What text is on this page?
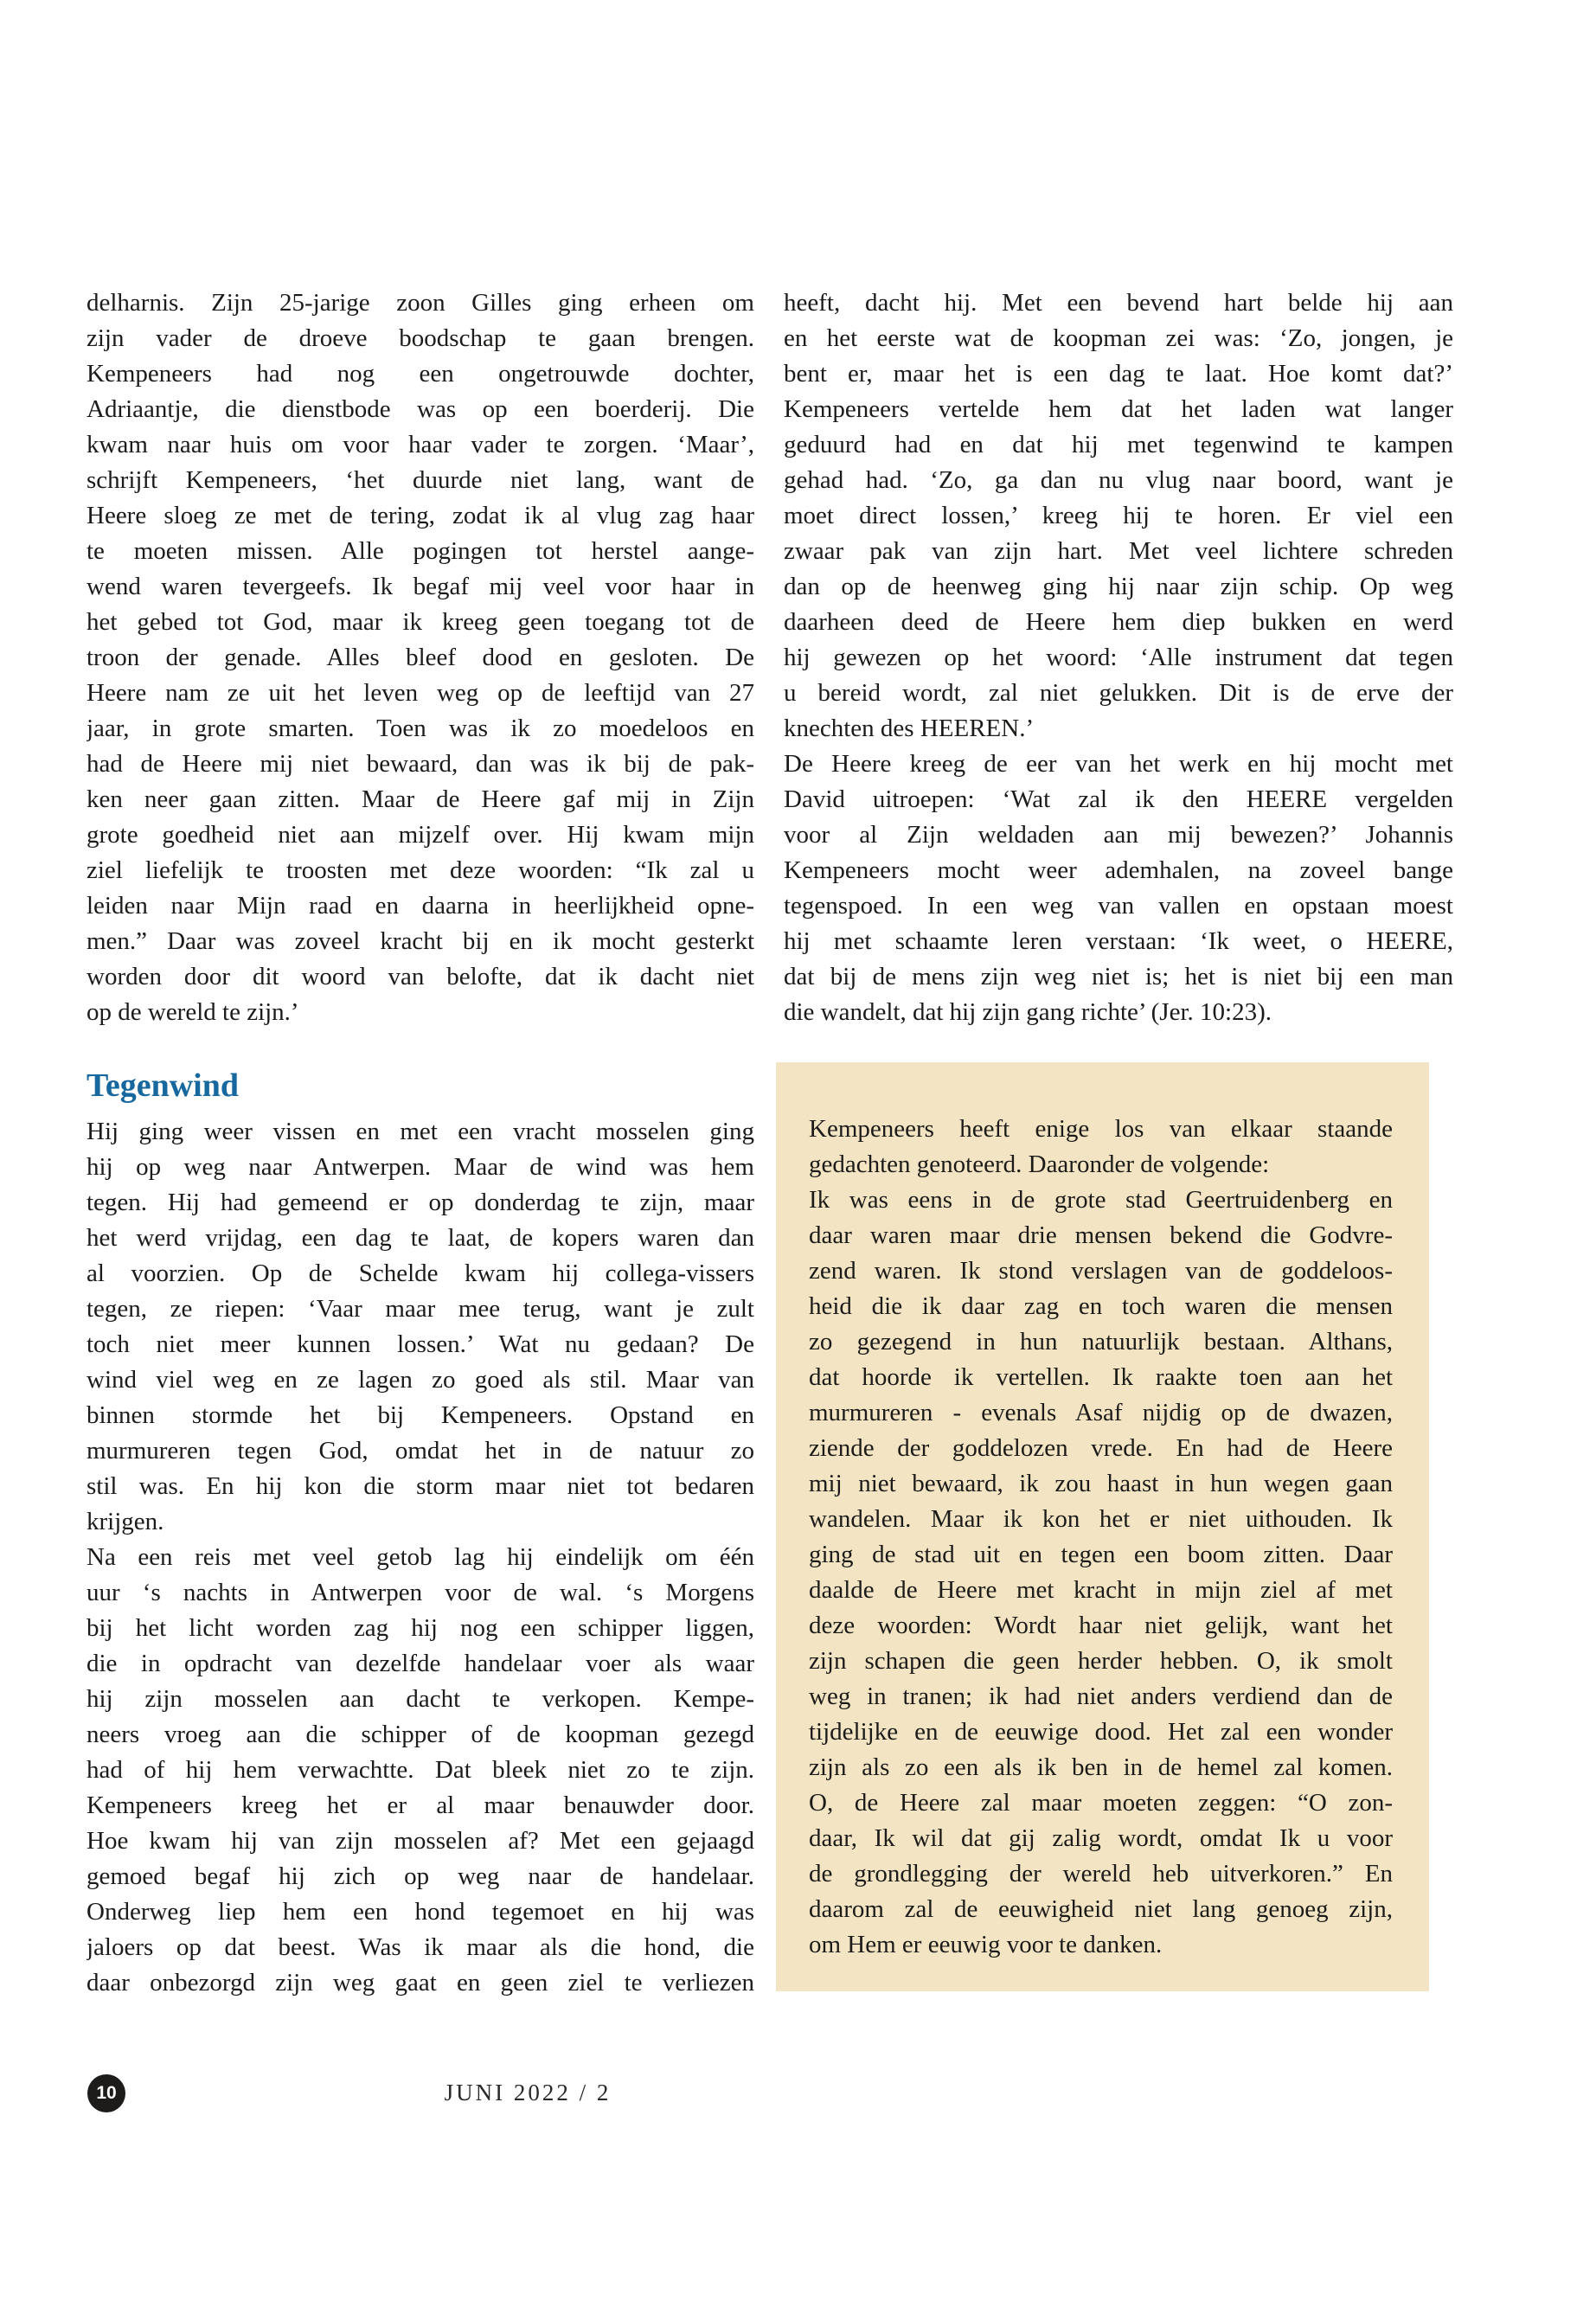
delharnis. Zijn 25-jarige zoon Gilles ging erheen om
zijn vader de droeve boodschap te gaan brengen.
Kempeneers had nog een ongetrouwde dochter,
Adriaantje, die dienstbode was op een boerderij. Die
kwam naar huis om voor haar vader te zorgen. ‘Maar’,
schrijft Kempeneers, ‘het duurde niet lang, want de
Heere sloeg ze met de tering, zodat ik al vlug zag haar
te moeten missen. Alle pogingen tot herstel aange-
wend waren tevergeefs. Ik begaf mij veel voor haar in
het gebed tot God, maar ik kreeg geen toegang tot de
troon der genade. Alles bleef dood en gesloten. De
Heere nam ze uit het leven weg op de leeftijd van 27
jaar, in grote smarten. Toen was ik zo moedeloos en
had de Heere mij niet bewaard, dan was ik bij de pak-
ken neer gaan zitten. Maar de Heere gaf mij in Zijn
grote goedheid niet aan mijzelf over. Hij kwam mijn
ziel liefelijk te troosten met deze woorden: “Ik zal u
leiden naar Mijn raad en daarna in heerlijkheid opne-
men.” Daar was zoveel kracht bij en ik mocht gesterkt
worden door dit woord van belofte, dat ik dacht niet
op de wereld te zijn.’
Tegenwind
Hij ging weer vissen en met een vracht mosselen ging
hij op weg naar Antwerpen. Maar de wind was hem
tegen. Hij had gemeend er op donderdag te zijn, maar
het werd vrijdag, een dag te laat, de kopers waren dan
al voorzien. Op de Schelde kwam hij collega-vissers
tegen, ze riepen: ‘Vaar maar mee terug, want je zult
toch niet meer kunnen lossen.’ Wat nu gedaan? De
wind viel weg en ze lagen zo goed als stil. Maar van
binnen stormde het bij Kempeneers. Opstand en
murmureren tegen God, omdat het in de natuur zo
stil was. En hij kon die storm maar niet tot bedaren
krijgen.
Na een reis met veel getob lag hij eindelijk om één
uur ‘s nachts in Antwerpen voor de wal. ‘s Morgens
bij het licht worden zag hij nog een schipper liggen,
die in opdracht van dezelfde handelaar voer als waar
hij zijn mosselen aan dacht te verkopen. Kempe-
neers vroeg aan die schipper of de koopman gezegd
had of hij hem verwachtte. Dat bleek niet zo te zijn.
Kempeneers kreeg het er al maar benauwder door.
Hoe kwam hij van zijn mosselen af? Met een gejaagd
gemoed begaf hij zich op weg naar de handelaar.
Onderweg liep hem een hond tegemoet en hij was
jaloers op dat beest. Was ik maar als die hond, die
daar onbezorgd zijn weg gaat en geen ziel te verliezen
heeft, dacht hij. Met een bevend hart belde hij aan
en het eerste wat de koopman zei was: ‘Zo, jongen, je
bent er, maar het is een dag te laat. Hoe komt dat?’
Kempeneers vertelde hem dat het laden wat langer
geduurd had en dat hij met tegenwind te kampen
gehad had. ‘Zo, ga dan nu vlug naar boord, want je
moet direct lossen,’ kreeg hij te horen. Er viel een
zwaar pak van zijn hart. Met veel lichtere schreden
dan op de heenweg ging hij naar zijn schip. Op weg
daarheen deed de Heere hem diep bukken en werd
hij gewezen op het woord: ‘Alle instrument dat tegen
u bereid wordt, zal niet gelukken. Dit is de erve der
knechten des HEEREN.’
De Heere kreeg de eer van het werk en hij mocht met
David uitroepen: ‘Wat zal ik den HEERE vergelden
voor al Zijn weldaden aan mij bewezen?’ Johannis
Kempeneers mocht weer ademhalen, na zoveel bange
tegenspoed. In een weg van vallen en opstaan moest
hij met schaamte leren verstaan: ‘Ik weet, o HEERE,
dat bij de mens zijn weg niet is; het is niet bij een man
die wandelt, dat hij zijn gang richte’ (Jer. 10:23).
Kempeneers heeft enige los van elkaar staande
gedachten genoteerd. Daaronder de volgende:
Ik was eens in de grote stad Geertruidenberg en
daar waren maar drie mensen bekend die Godvre-
zend waren. Ik stond verslagen van de goddeloos-
heid die ik daar zag en toch waren die mensen
zo gezegend in hun natuurlijk bestaan. Althans,
dat hoorde ik vertellen. Ik raakte toen aan het
murmureren - evenals Asaf nijdig op de dwazen,
ziende der goddelozen vrede. En had de Heere
mij niet bewaard, ik zou haast in hun wegen gaan
wandelen. Maar ik kon het er niet uithouden. Ik
ging de stad uit en tegen een boom zitten. Daar
daalde de Heere met kracht in mijn ziel af met
deze woorden: Wordt haar niet gelijk, want het
zijn schapen die geen herder hebben. O, ik smolt
weg in tranen; ik had niet anders verdiend dan de
tijdelijke en de eeuwige dood. Het zal een wonder
zijn als zo een als ik ben in de hemel zal komen.
O, de Heere zal maar moeten zeggen: “O zon-
daar, Ik wil dat gij zalig wordt, omdat Ik u voor
de grondlegging der wereld heb uitverkoren.” En
daarom zal de eeuwigheid niet lang genoeg zijn,
om Hem er eeuwig voor te danken.
10	JUNI 2022 / 2
